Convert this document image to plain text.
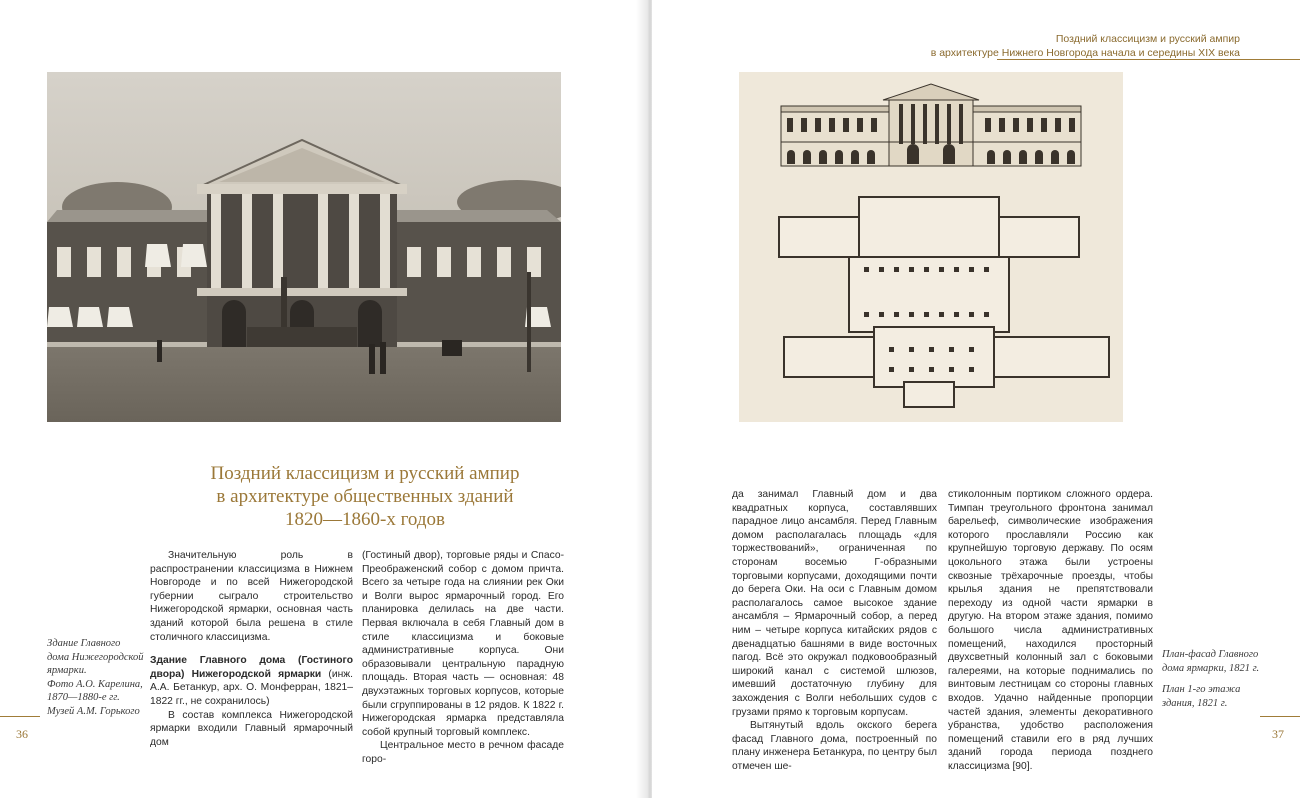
Поздний классицизм и русский ампир
в архитектуре общественных зданий
1820—1860-х годов
Здание Главного
дома Нижегородской
ярмарки.
Фото А.О. Карелина,
1870—1880-е гг.
Музей А.М. Горького

Значительную роль в распространении классицизма в Нижнем Новгороде и по всей Нижегородской губернии сыграло строительство Нижегородской ярмарки, основная часть зданий которой была решена в стиле столичного классицизма.

Здание Главного дома (Гостиного двора) Нижегородской ярмарки (инж. А.А. Бетанкур, арх. О. Монферран, 1821–1822 гг., не сохранилось)

В состав комплекса Нижегородской ярмарки входили Главный ярмарочный дом

(Гостиный двор), торговые ряды и Спасо-Преображенский собор с домом причта. Всего за четыре года на слиянии рек Оки и Волги вырос ярмарочный город. Его планировка делилась на две части. Первая включала в себя Главный дом в стиле классицизма и боковые административные корпуса. Они образовывали центральную парадную площадь. Вторая часть — основная: 48 двухэтажных торговых корпусов, которые были сгруппированы в 12 рядов. К 1822 г. Нижегородская ярмарка представляла собой крупный торговый комплекс.

Центральное место в речном фасаде горо-

36
Поздний классицизм и русский ампир
в архитектуре Нижнего Новгорода начала и середины XIX века

да занимал Главный дом и два квадратных корпуса, составлявших парадное лицо ансамбля. Перед Главным домом располагалась площадь «для торжествований», ограниченная по сторонам восемью Г-образными торговыми корпусами, доходящими почти до берега Оки. На оси с Главным домом располагалось самое высокое здание ансамбля – Ярмарочный собор, а перед ним – четыре корпуса китайских рядов с двенадцатью башнями в виде восточных пагод. Всё это окружал подковообразный широкий канал с системой шлюзов, имевший достаточную глубину для захождения с Волги небольших судов с грузами прямо к торговым корпусам.

Вытянутый вдоль окского берега фасад Главного дома, построенный по плану инженера Бетанкура, по центру был отмечен ше-

стиколонным портиком сложного ордера. Тимпан треугольного фронтона занимал барельеф, символические изображения которого прославляли Россию как крупнейшую торговую державу. По осям цокольного этажа были устроены сквозные трёхарочные проезды, чтобы крылья здания не препятствовали переходу из одной части ярмарки в другую. На втором этаже здания, помимо большого числа административных помещений, находился просторный двухсветный колонный зал с боковыми галереями, на которые поднимались по винтовым лестницам со стороны главных входов. Удачно найденные пропорции частей здания, элементы декоративного убранства, удобство расположения помещений ставили его в ряд лучших зданий города периода позднего классицизма [90].

План-фасад Главного
дома ярмарки, 1821 г.

План 1-го этажа
здания, 1821 г.

37
